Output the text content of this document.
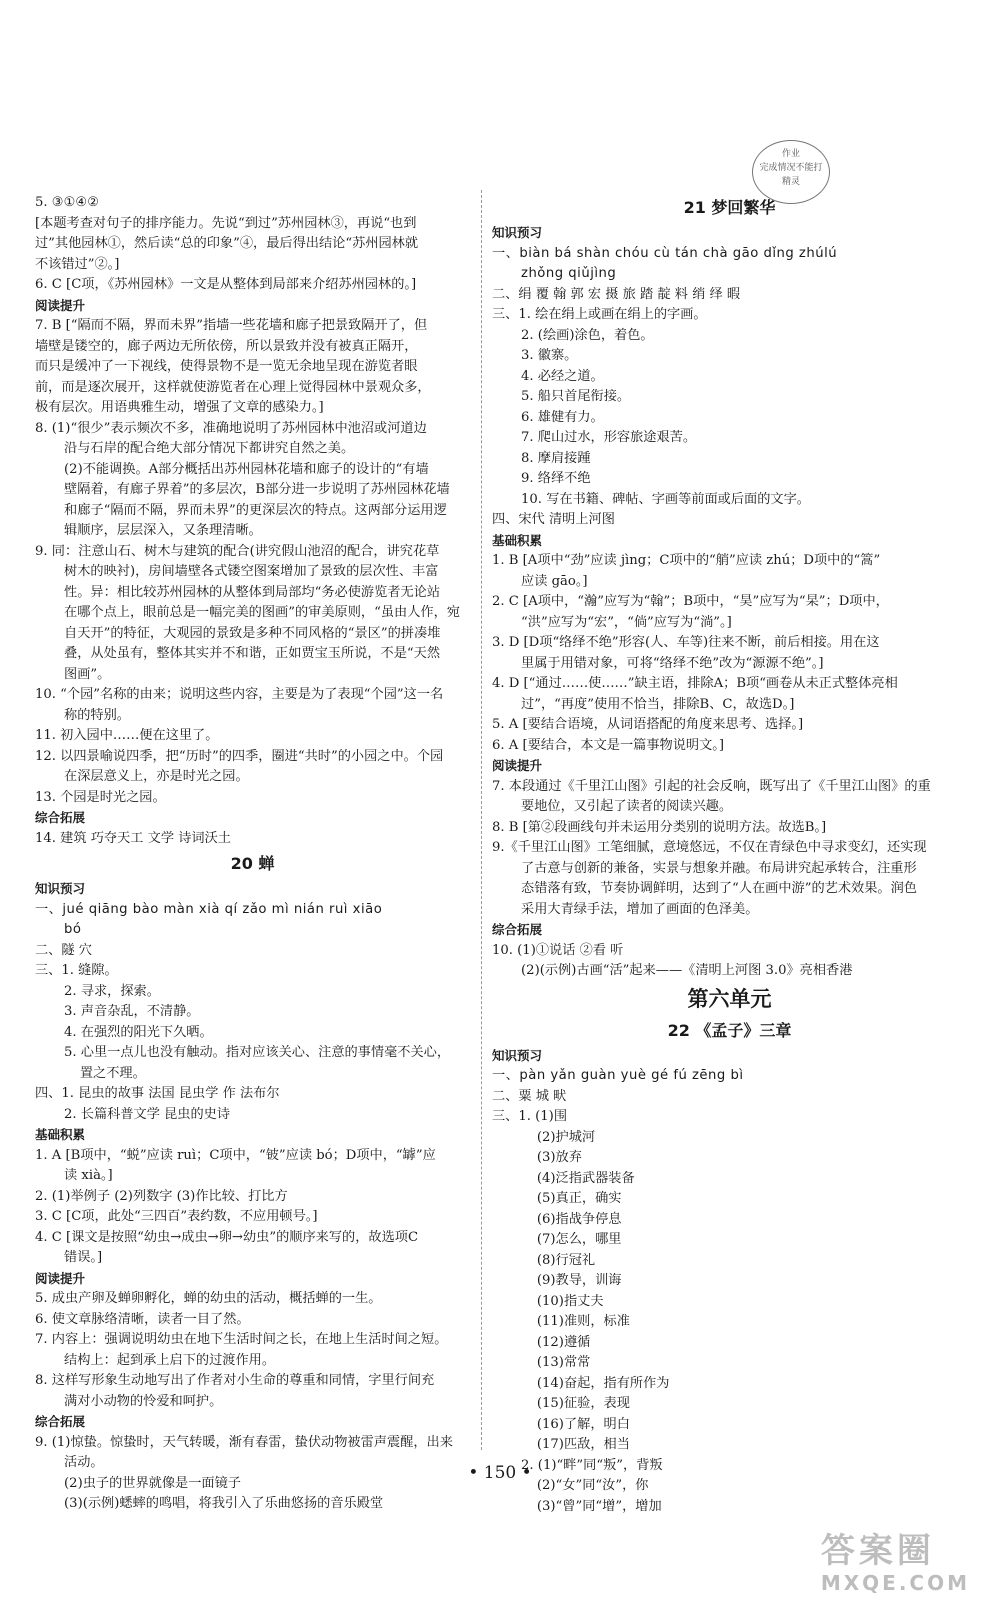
作业
完成情况不能打
精灵
5. ③①④②
[本题考查对句子的排序能力。先说“到过”苏州园林③，再说“也到
过”其他园林①，然后读“总的印象”④，最后得出结论“苏州园林就
不该错过”②。]
6. C [C项，《苏州园林》一文是从整体到局部来介绍苏州园林的。]
阅读提升
7. B [“隔而不隔，界而未界”指墙一些花墙和廊子把景致隔开了，但
墙壁是镂空的，廊子两边无所依傍，所以景致并没有被真正隔开，
而只是缓冲了一下视线，使得景物不是一览无余地呈现在游览者眼
前，而是逐次展开，这样就使游览者在心理上觉得园林中景观众多，
极有层次。用语典雅生动，增强了文章的感染力。]
8. (1)“很少”表示频次不多，准确地说明了苏州园林中池沼或河道边
沿与石岸的配合绝大部分情况下都讲究自然之美。
(2)不能调换。A部分概括出苏州园林花墙和廊子的设计的“有墙
壁隔着，有廊子界着”的多层次，B部分进一步说明了苏州园林花墙
和廊子“隔而不隔，界而未界”的更深层次的特点。这两部分运用逻
辑顺序，层层深入，又条理清晰。
9. 同：注意山石、树木与建筑的配合(讲究假山池沼的配合，讲究花草
树木的映衬)，房间墙壁各式镂空图案增加了景致的层次性、丰富
性。异：相比较苏州园林的从整体到局部均“务必使游览者无论站
在哪个点上，眼前总是一幅完美的图画”的审美原则，“虽由人作，宛
自天开”的特征，大观园的景致是多种不同风格的“景区”的拼凑堆
叠，从处虽有，整体其实并不和谐，正如贾宝玉所说，不是“天然
图画”。
10. “个园”名称的由来；说明这些内容，主要是为了表现“个园”这一名
称的特别。
11. 初入园中……便在这里了。
12. 以四景喻说四季，把“历时”的四季，圈进“共时”的小园之中。个园
在深层意义上，亦是时光之园。
13. 个园是时光之园。
综合拓展
14. 建筑 巧夺天工 文学 诗词沃土
20 蝉
知识预习
一、jué qiāng bào màn xià qí zǎo mì nián ruì xiāo
bó
二、隧 穴
三、1. 缝隙。
2. 寻求，探索。
3. 声音杂乱，不清静。
4. 在强烈的阳光下久晒。
5. 心里一点儿也没有触动。指对应该关心、注意的事情毫不关心，
置之不理。
四、1. 昆虫的故事 法国 昆虫学 作 法布尔
2. 长篇科普文学 昆虫的史诗
基础积累
1. A [B项中，“蜕”应读 ruì；C项中，“铍”应读 bó；D项中，“罅”应
读 xià。]
2. (1)举例子 (2)列数字 (3)作比较、打比方
3. C [C项，此处“三四百”表约数，不应用顿号。]
4. C [课文是按照“幼虫→成虫→卵→幼虫”的顺序来写的，故选项C
错误。]
阅读提升
5. 成虫产卵及蝉卵孵化，蝉的幼虫的活动，概括蝉的一生。
6. 使文章脉络清晰，读者一目了然。
7. 内容上：强调说明幼虫在地下生活时间之长，在地上生活时间之短。
结构上：起到承上启下的过渡作用。
8. 这样写形象生动地写出了作者对小生命的尊重和同情，字里行间充
满对小动物的怜爱和呵护。
综合拓展
9. (1)惊蛰。惊蛰时，天气转暖，渐有春雷，蛰伏动物被雷声震醒，出来
活动。
(2)虫子的世界就像是一面镜子
(3)(示例)蟋蟀的鸣唱，将我引入了乐曲悠扬的音乐殿堂
21 梦回繁华
知识预习
一、biàn bá shàn chóu cù tán chà gāo dǐng zhúlú
zhǒng qiǔjìng
二、绢 覆 翰 郭 宏 摄 旅 踏 靛 料 绡 绎 暇
三、1. 绘在绢上或画在绢上的字画。
2. (绘画)涂色，着色。
3. 徽寨。
4. 必经之道。
5. 船只首尾衔接。
6. 雄健有力。
7. 爬山过水，形容旅途艰苦。
8. 摩肩接踵
9. 络绎不绝
10. 写在书籍、碑帖、字画等前面或后面的文字。
四、宋代 清明上河图
基础积累
1. B [A项中“劲”应读 jìng；C项中的“艄”应读 zhú；D项中的“篙”
应读 gāo。]
2. C [A项中，“瀚”应写为“翰”；B项中，“昊”应写为“杲”；D项中，
“洪”应写为“宏”，“倘”应写为“淌”。]
3. D [D项“络绎不绝”形容(人、车等)往来不断，前后相接。用在这
里属于用错对象，可将“络绎不绝”改为“源源不绝”。]
4. D [“通过……使……”缺主语，排除A；B项“画卷从未正式整体亮相
过”，“再度”使用不恰当，排除B、C，故选D。]
5. A [要结合语境，从词语搭配的角度来思考、选择。]
6. A [要结合，本文是一篇事物说明文。]
阅读提升
7. 本段通过《千里江山图》引起的社会反响，既写出了《千里江山图》的重
要地位，又引起了读者的阅读兴趣。
8. B [第②段画线句并未运用分类别的说明方法。故选B。]
9.《千里江山图》工笔细腻，意境悠远，不仅在青绿色中寻求变幻，还实现
了古意与创新的兼备，实景与想象并融。布局讲究起承转合，注重形
态错落有致，节奏协调鲜明，达到了“人在画中游”的艺术效果。润色
采用大青绿手法，增加了画面的色泽美。
综合拓展
10. (1)①说话 ②看 听
(2)(示例)古画“活”起来——《清明上河图 3.0》亮相香港
第六单元
22 《孟子》三章
知识预习
一、pàn yǎn guàn yuè gé fú zēng bì
二、粟 城 畎
三、1. (1)围
(2)护城河
(3)放弃
(4)泛指武器装备
(5)真正，确实
(6)指战争停息
(7)怎么，哪里
(8)行冠礼
(9)教导，训诲
(10)指丈夫
(11)准则，标准
(12)遵循
(13)常常
(14)奋起，指有所作为
(15)征验，表现
(16)了解，明白
(17)匹敌，相当
2. (1)“畔”同“叛”，背叛
(2)“女”同“汝”，你
(3)“曾”同“增”，增加
• 150 •
答案圈
MXQE.COM
